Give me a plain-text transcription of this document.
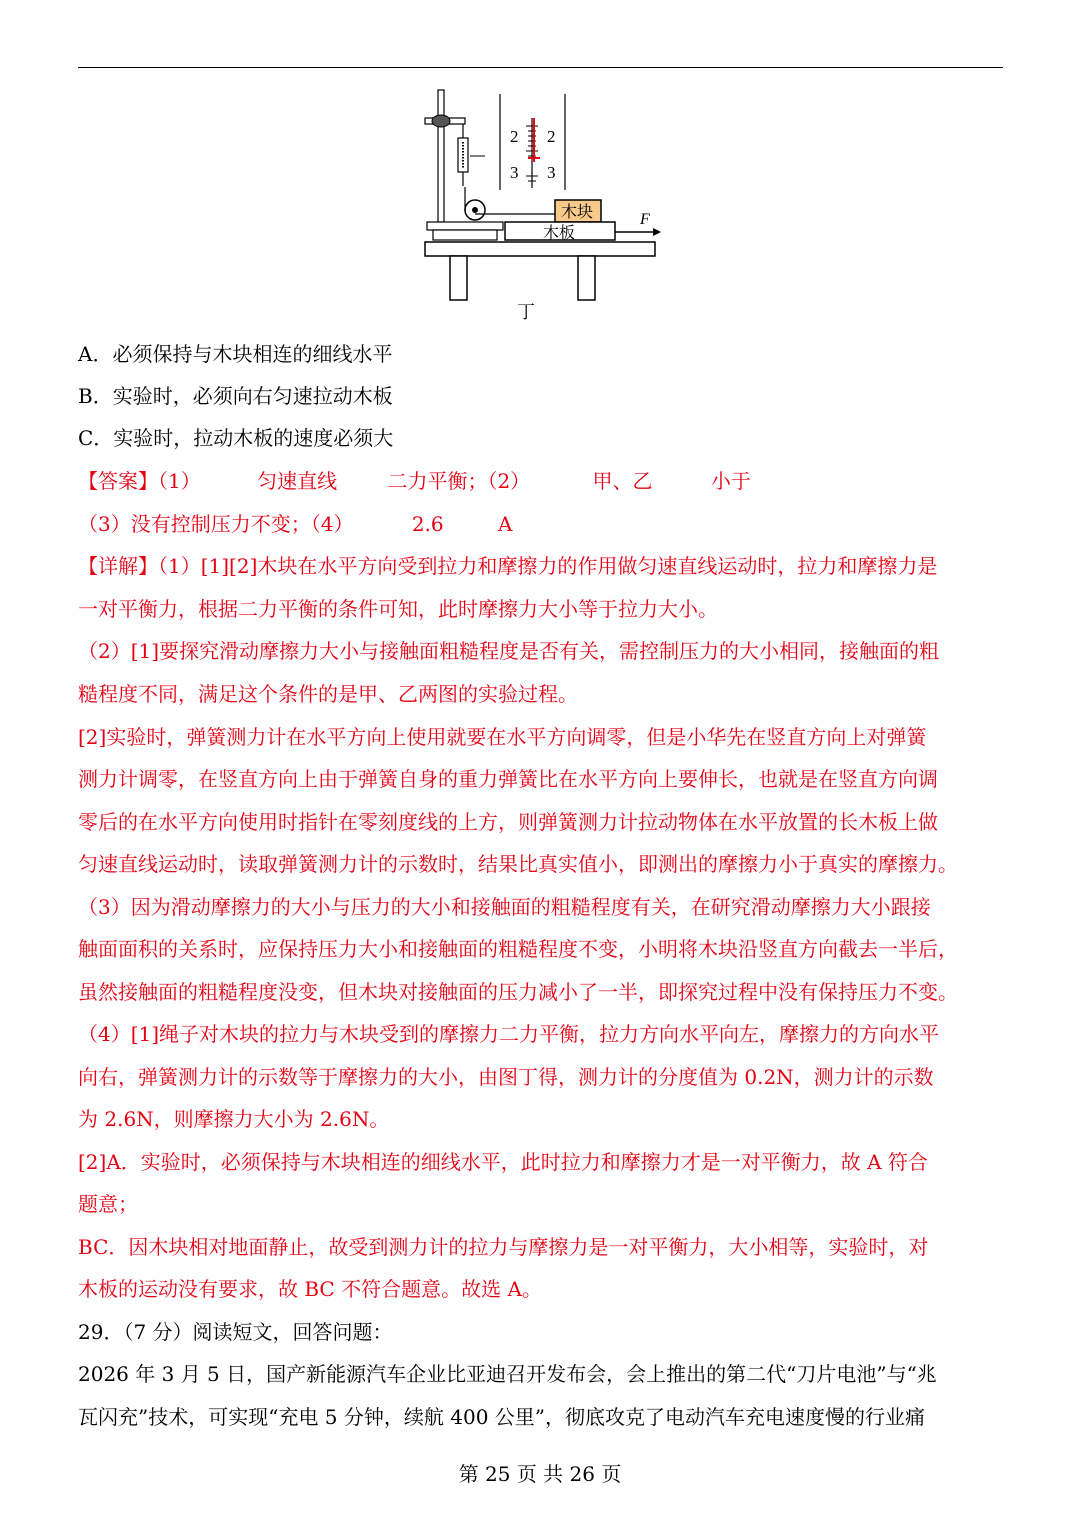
2
3
2
3
木块
木板
F
丁
A．必须保持与木块相连的细线水平
B．实验时，必须向右匀速拉动木板
C．实验时，拉动木板的速度必须大
【答案】（1）	匀速直线	二力平衡；（2）	甲、乙	小于
（3）没有控制压力不变；（4）	2.6	A
【详解】（1）[1][2]木块在水平方向受到拉力和摩擦力的作用做匀速直线运动时，拉力和摩擦力是
一对平衡力，根据二力平衡的条件可知，此时摩擦力大小等于拉力大小。
（2）[1]要探究滑动摩擦力大小与接触面粗糙程度是否有关，需控制压力的大小相同，接触面的粗
糙程度不同，满足这个条件的是甲、乙两图的实验过程。
[2]实验时，弹簧测力计在水平方向上使用就要在水平方向调零，但是小华先在竖直方向上对弹簧
测力计调零，在竖直方向上由于弹簧自身的重力弹簧比在水平方向上要伸长，也就是在竖直方向调
零后的在水平方向使用时指针在零刻度线的上方，则弹簧测力计拉动物体在水平放置的长木板上做
匀速直线运动时，读取弹簧测力计的示数时，结果比真实值小，即测出的摩擦力小于真实的摩擦力。
（3）因为滑动摩擦力的大小与压力的大小和接触面的粗糙程度有关，在研究滑动摩擦力大小跟接
触面面积的关系时，应保持压力大小和接触面的粗糙程度不变，小明将木块沿竖直方向截去一半后，
虽然接触面的粗糙程度没变，但木块对接触面的压力减小了一半，即探究过程中没有保持压力不变。
（4）[1]绳子对木块的拉力与木块受到的摩擦力二力平衡，拉力方向水平向左，摩擦力的方向水平
向右，弹簧测力计的示数等于摩擦力的大小，由图丁得，测力计的分度值为 0.2N，测力计的示数
为 2.6N，则摩擦力大小为 2.6N。
[2]A．实验时，必须保持与木块相连的细线水平，此时拉力和摩擦力才是一对平衡力，故 A 符合
题意；
BC．因木块相对地面静止，故受到测力计的拉力与摩擦力是一对平衡力，大小相等，实验时，对
木板的运动没有要求，故 BC 不符合题意。故选 A。
29．（7 分）阅读短文，回答问题：
2026 年 3 月 5 日，国产新能源汽车企业比亚迪召开发布会，会上推出的第二代“刀片电池”与“兆
瓦闪充”技术，可实现“充电 5 分钟，续航 400 公里”，彻底攻克了电动汽车充电速度慢的行业痛
第 25 页 共 26 页
